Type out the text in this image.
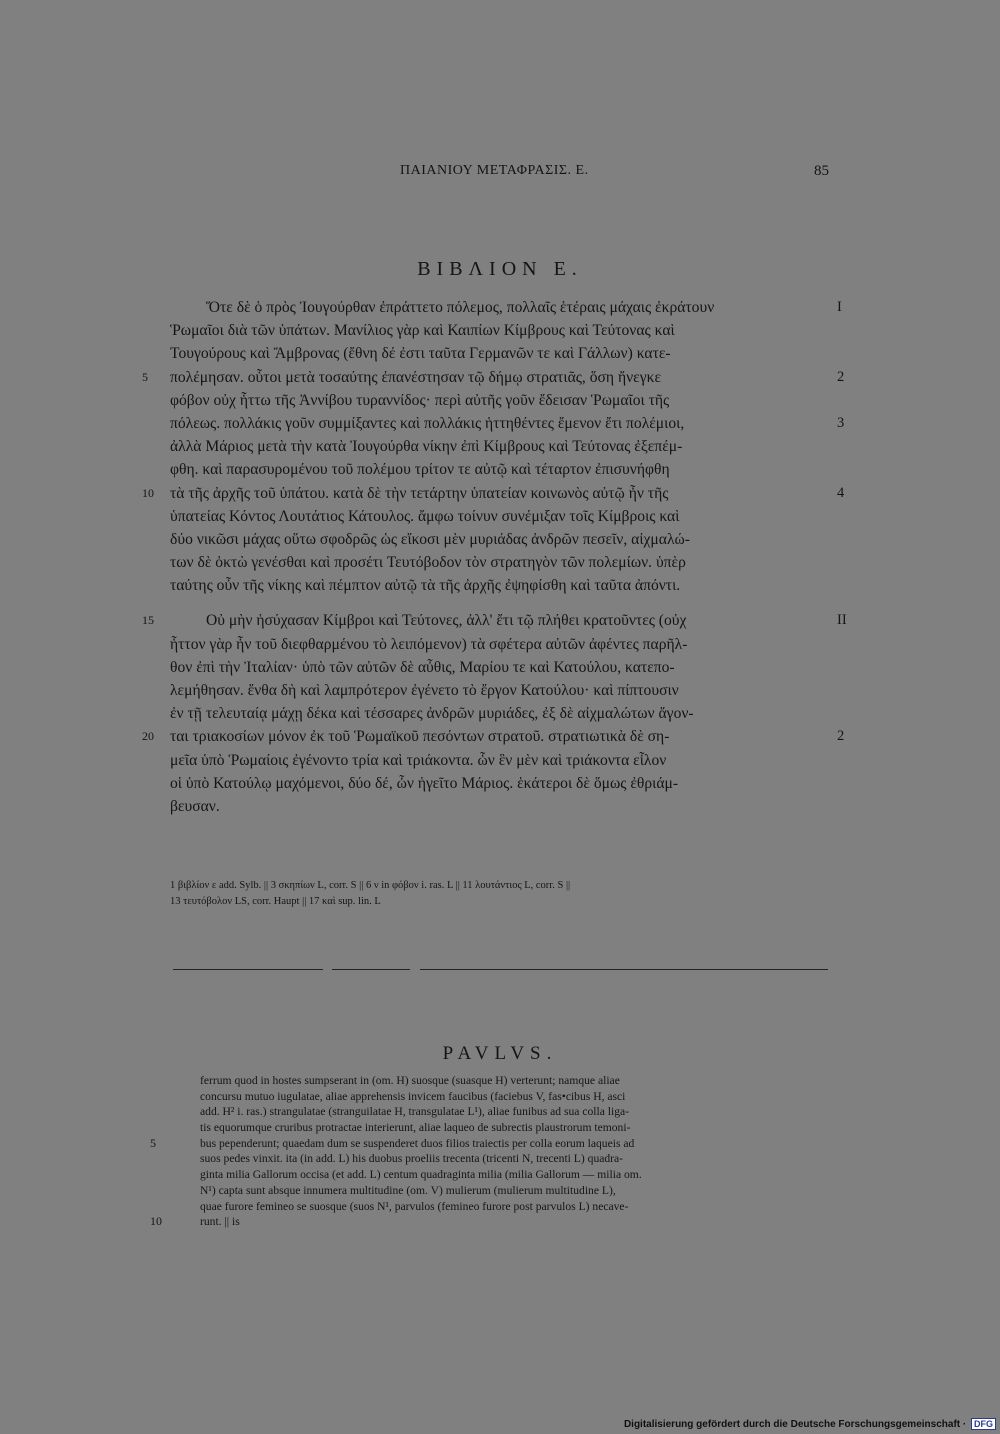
ΠΑΙΑΝΙΟΥ ΜΕΤΑΦΡΑΣΙΣ. Ε.	85
ΒΙΒΛΙΟΝ Ε.
Ὅτε δὲ ὁ πρὸς Ἰουγούρθαν ἐπράττετο πόλεμος, πολλαῖς ἑτέραις μάχαις ἐκράτουν	I
Ῥωμαῖοι διὰ τῶν ὑπάτων. Μανίλιος γὰρ καὶ Καιπίων Κίμβρους καὶ Τεύτονας καὶ
Τουγούρους καὶ Ἄμβρονας (ἔθνη δέ ἐστι ταῦτα Γερμανῶν τε καὶ Γάλλων) κατε-
5 πολέμησαν. οὗτοι μετὰ τοσαύτης ἐπανέστησαν τῷ δήμῳ στρατιᾶς, ὅση ἤνεγκε	2
φόβον οὐχ ἧττω τῆς Ἀννίβου τυραννίδος· περὶ αὐτῆς γοῦν ἔδεισαν Ῥωμαῖοι τῆς
πόλεως. πολλάκις γοῦν συμμίξαντες καὶ πολλάκις ἡττηθέντες ἔμενον ἔτι πολέμιοι,	3
ἀλλὰ Μάριος μετὰ τὴν κατὰ Ἰουγούρθα νίκην ἐπὶ Κίμβρους καὶ Τεύτονας ἐξεπέμ-
φθη. καὶ παρασυρομένου τοῦ πολέμου τρίτον τε αὐτῷ καὶ τέταρτον ἐπισυνήφθη
10 τὰ τῆς ἀρχῆς τοῦ ὑπάτου. κατὰ δὲ τὴν τετάρτην ὑπατείαν κοινωνὸς αὐτῷ ἦν τῆς	4
ὑπατείας Κόντος Λουτάτιος Κάτουλος. ἄμφω τοίνυν συνέμιξαν τοῖς Κίμβροις καὶ
δύο νικῶσι μάχας οὕτω σφοδρῶς ὡς εἴκοσι μὲν μυριάδας ἀνδρῶν πεσεῖν, αἰχμαλώ-
των δὲ ὀκτὼ γενέσθαι καὶ προσέτι Τευτόβοδον τὸν στρατηγὸν τῶν πολεμίων. ὑπὲρ
ταύτης οὖν τῆς νίκης καὶ πέμπτον αὐτῷ τὰ τῆς ἀρχῆς ἐψηφίσθη καὶ ταῦτα ἀπόντι.
15	Οὐ μὴν ἡσύχασαν Κίμβροι καὶ Τεύτονες, ἀλλ' ἔτι τῷ πλήθει κρατοῦντες (οὐχ	II
ἧττον γὰρ ἦν τοῦ διεφθαρμένου τὸ λειπόμενον) τὰ σφέτερα αὐτῶν ἀφέντες παρῆλ-
θον ἐπὶ τὴν Ἰταλίαν· ὑπὸ τῶν αὐτῶν δὲ αὖθις, Μαρίου τε καὶ Κατούλου, κατεπο-
λεμήθησαν. ἔνθα δὴ καὶ λαμπρότερον ἐγένετο τὸ ἔργον Κατούλου· καὶ πίπτουσιν
ἐν τῇ τελευταίᾳ μάχῃ δέκα καὶ τέσσαρες ἀνδρῶν μυριάδες, ἐξ δὲ αἰχμαλώτων ἄγον-
20 ται τριακοσίων μόνον ἐκ τοῦ Ῥωμαϊκοῦ πεσόντων στρατοῦ. στρατιωτικὰ δὲ ση-	2
μεῖα ὑπὸ Ῥωμαίοις ἐγένοντο τρία καὶ τριάκοντα. ὧν ἓν μὲν καὶ τριάκοντα εἷλον
οἱ ὑπὸ Κατούλῳ μαχόμενοι, δύο δέ, ὧν ἡγεῖτο Μάριος. ἑκάτεροι δὲ ὅμως ἐθριάμ-
βευσαν.
1 βιβλίον ε add. Sylb. || 3 σκηπίων L, corr. S || 6 ν in φόβον i. ras. L || 11 λουτάντιος L, corr. S ||
13 τευτόβολον LS, corr. Haupt || 17 καὶ sup. lin. L
PAVLVS.
ferrum quod in hostes sumpserant in (om. H) suosque (suasque H) verterunt; namque aliae
concursu mutuo iugulatae, aliae apprehensis invicem faucibus (faciebus V, fas•cibus H, asci
add. H² i. ras.) strangulatae (stranguilatae H, transgulatae L¹), aliae funibus ad sua colla liga-
tis equorumque cruribus protractae interierunt, aliae laqueo de subrectis plaustrorum temoni-
5	bus pependerunt; quaedam dum se suspenderet duos filios traiectis per colla eorum laqueis ad
suos pedes vinxit. ita (in add. L) his duobus proeliis trecenta (tricenti N, trecenti L) quadra-
ginta milia Gallorum occisa (et add. L) centum quadraginta milia (milia Gallorum — milia om.
N¹) capta sunt absque innumera multitudine (om. V) mulierum (mulierum multitudine L),
quae furore femineo se suosque (suos N¹, parvulos (femineo furore post parvulos L) necave-
10	runt. || is
Digitalisierung gefördert durch die Deutsche Forschungsgemeinschaft · DFG
